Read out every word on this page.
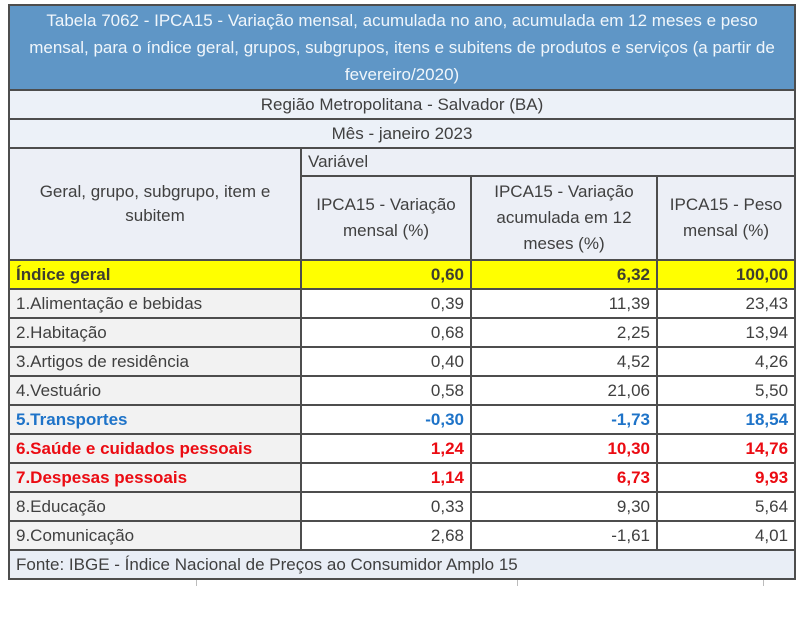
Tabela 7062 - IPCA15 - Variação mensal, acumulada no ano, acumulada em 12 meses e peso mensal, para o índice geral, grupos, subgrupos, itens e subitens de produtos e serviços (a partir de fevereiro/2020)			
Região Metropolitana - Salvador (BA)			
Mês - janeiro 2023			
Geral, grupo, subgrupo, item e subitem	Variável		
	IPCA15 - Variação mensal (%)	IPCA15 - Variação acumulada em 12 meses (%)	IPCA15 - Peso mensal (%)
Índice geral	0,60	6,32	100,00
1.Alimentação e bebidas	0,39	11,39	23,43
2.Habitação	0,68	2,25	13,94
3.Artigos de residência	0,40	4,52	4,26
4.Vestuário	0,58	21,06	5,50
5.Transportes	-0,30	-1,73	18,54
6.Saúde e cuidados pessoais	1,24	10,30	14,76
7.Despesas pessoais	1,14	6,73	9,93
8.Educação	0,33	9,30	5,64
9.Comunicação	2,68	-1,61	4,01
Fonte: IBGE - Índice Nacional de Preços ao Consumidor Amplo 15			
